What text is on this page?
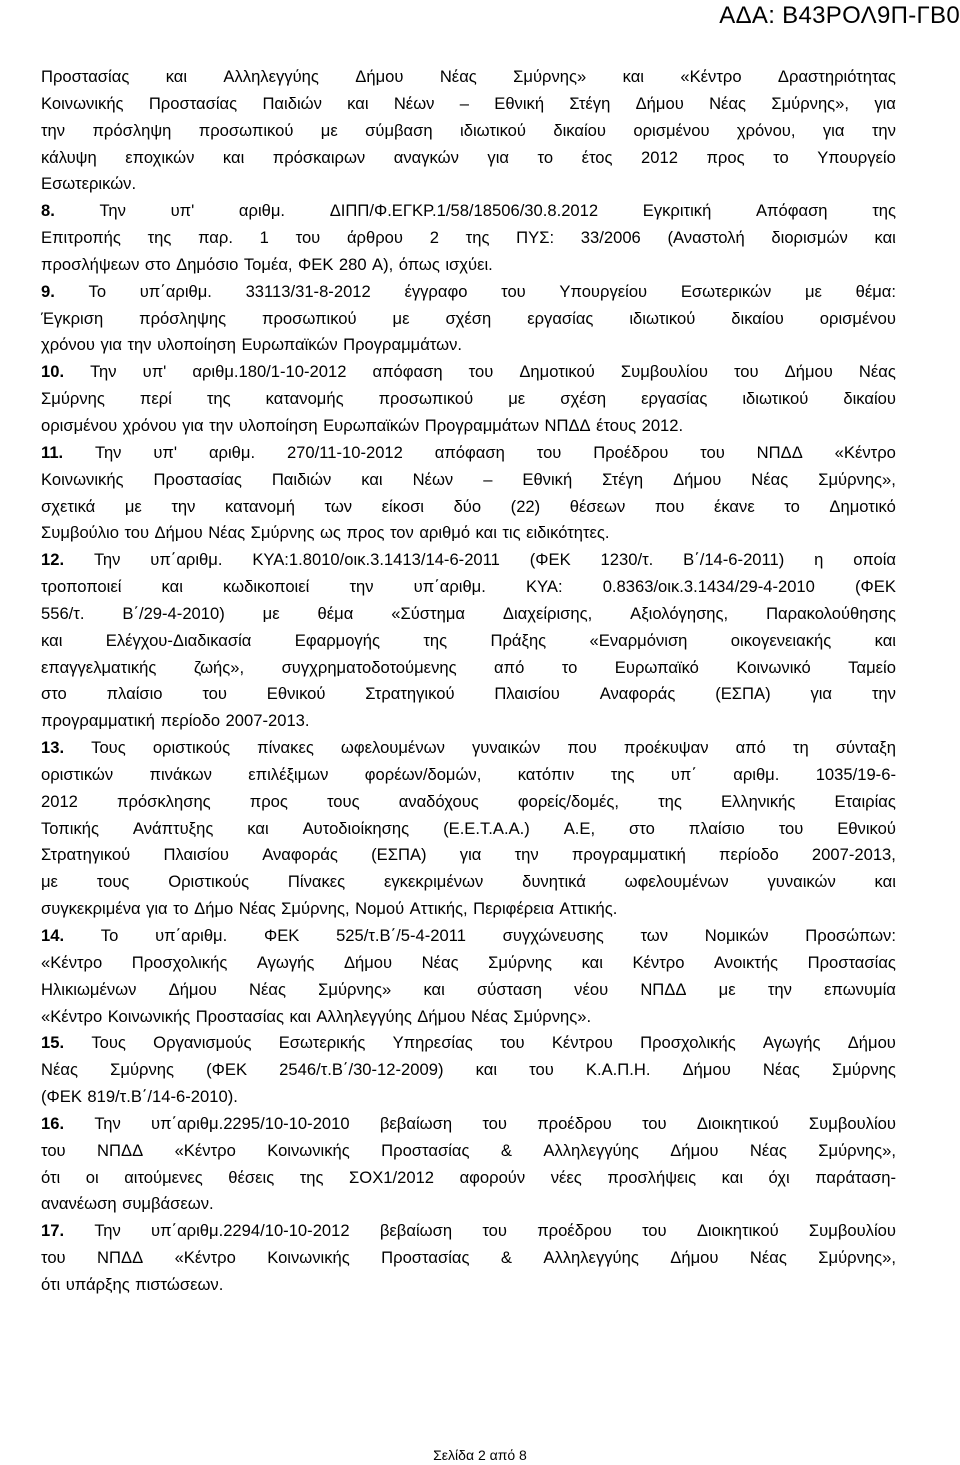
ΑΔΑ: Β43ΡΟΛ9Π-ΓΒ0
Προστασίας και Αλληλεγγύης Δήμου Νέας Σμύρνης» και «Κέντρο Δραστηριότητας
Κοινωνικής Προστασίας Παιδιών και Νέων – Εθνική Στέγη Δήμου Νέας Σμύρνης», για
την πρόσληψη προσωπικού με σύμβαση ιδιωτικού δικαίου ορισμένου χρόνου, για την
κάλυψη εποχικών και πρόσκαιρων αναγκών για το έτος 2012 προς το Υπουργείο
Εσωτερικών.
8.	Την	υπ'	αριθμ.	ΔΙΠΠ/Φ.ΕΓΚΡ.1/58/18506/30.8.2012	Εγκριτική	Απόφαση	της
Επιτροπής της παρ. 1 του άρθρου 2 της ΠΥΣ: 33/2006 (Αναστολή διορισμών και
προσλήψεων στο Δημόσιο Τομέα, ΦΕΚ 280 Α), όπως ισχύει.
9. Το υπ΄αριθμ. 33113/31-8-2012 έγγραφο του Υπουργείου Εσωτερικών με θέμα:
Έγκριση πρόσληψης προσωπικού με σχέση εργασίας ιδιωτικού δικαίου ορισμένου
χρόνου για την υλοποίηση Ευρωπαϊκών Προγραμμάτων.
10. Την υπ' αριθμ.180/1-10-2012 απόφαση του Δημοτικού Συμβουλίου του Δήμου Νέας
Σμύρνης περί της κατανομής προσωπικού με σχέση εργασίας ιδιωτικού δικαίου
ορισμένου χρόνου για την υλοποίηση Ευρωπαϊκών Προγραμμάτων ΝΠΔΔ έτους 2012.
11. Την υπ' αριθμ. 270/11-10-2012 απόφαση του Προέδρου του ΝΠΔΔ «Κέντρο
Κοινωνικής Προστασίας Παιδιών και Νέων – Εθνική Στέγη Δήμου Νέας Σμύρνης»,
σχετικά με την κατανομή των είκοσι δύο (22) θέσεων που έκανε το Δημοτικό
Συμβούλιο του Δήμου Νέας Σμύρνης ως προς τον αριθμό και τις ειδικότητες.
12. Την υπ΄αριθμ. ΚΥΑ:1.8010/οικ.3.1413/14-6-2011 (ΦΕΚ 1230/τ. Β΄/14-6-2011) η οποία
τροποποιεί και κωδικοποιεί την υπ΄αριθμ. ΚΥΑ: 0.8363/οικ.3.1434/29-4-2010 (ΦΕΚ
556/τ. Β΄/29-4-2010) με θέμα «Σύστημα Διαχείρισης, Αξιολόγησης, Παρακολούθησης
και	Ελέγχου-Διαδικασία	Εφαρμογής	της	Πράξης	«Εναρμόνιση	οικογενειακής	και
επαγγελματικής ζωής», συγχρηματοδοτούμενης από το Ευρωπαϊκό Κοινωνικό Ταμείο
στο πλαίσιο του Εθνικού Στρατηγικού Πλαισίου Αναφοράς (ΕΣΠΑ) για την
προγραμματική περίοδο 2007-2013.
13. Τους οριστικούς πίνακες ωφελουμένων γυναικών που προέκυψαν από τη σύνταξη
οριστικών πινάκων επιλέξιμων φορέων/δομών, κατόπιν της υπ΄ αριθμ. 1035/19-6-
2012 πρόσκλησης προς τους αναδόχους φορείς/δομές, της Ελληνικής Εταιρίας
Τοπικής Ανάπτυξης και Αυτοδιοίκησης (Ε.Ε.Τ.Α.Α.) Α.Ε, στο πλαίσιο του Εθνικού
Στρατηγικού Πλαισίου Αναφοράς (ΕΣΠΑ) για την προγραμματική περίοδο 2007-2013,
με τους Οριστικούς Πίνακες εγκεκριμένων δυνητικά ωφελουμένων γυναικών και
συγκεκριμένα για το Δήμο Νέας Σμύρνης, Νομού Αττικής, Περιφέρεια Αττικής.
14. Το υπ΄αριθμ. ΦΕΚ 525/τ.Β΄/5-4-2011 συγχώνευσης των Νομικών Προσώπων:
«Κέντρο Προσχολικής Αγωγής Δήμου Νέας Σμύρνης και Κέντρο Ανοικτής Προστασίας
Ηλικιωμένων Δήμου Νέας Σμύρνης» και σύσταση νέου ΝΠΔΔ με την επωνυμία
«Κέντρο Κοινωνικής Προστασίας και Αλληλεγγύης Δήμου Νέας Σμύρνης».
15. Τους Οργανισμούς Εσωτερικής Υπηρεσίας του Κέντρου Προσχολικής Αγωγής Δήμου
Νέας Σμύρνης (ΦΕΚ 2546/τ.Β΄/30-12-2009) και του Κ.Α.Π.Η. Δήμου Νέας Σμύρνης
(ΦΕΚ 819/τ.Β΄/14-6-2010).
16. Την υπ΄αριθμ.2295/10-10-2010 βεβαίωση του προέδρου του Διοικητικού Συμβουλίου
του ΝΠΔΔ «Κέντρο Κοινωνικής Προστασίας & Αλληλεγγύης Δήμου Νέας Σμύρνης»,
ότι οι αιτούμενες θέσεις της ΣΟΧ1/2012 αφορούν νέες προσλήψεις και όχι παράταση-
ανανέωση συμβάσεων.
17. Την υπ΄αριθμ.2294/10-10-2012 βεβαίωση του προέδρου του Διοικητικού Συμβουλίου
του ΝΠΔΔ «Κέντρο Κοινωνικής Προστασίας & Αλληλεγγύης Δήμου Νέας Σμύρνης»,
ότι υπάρξης πιστώσεων.
Σελίδα 2 από 8
